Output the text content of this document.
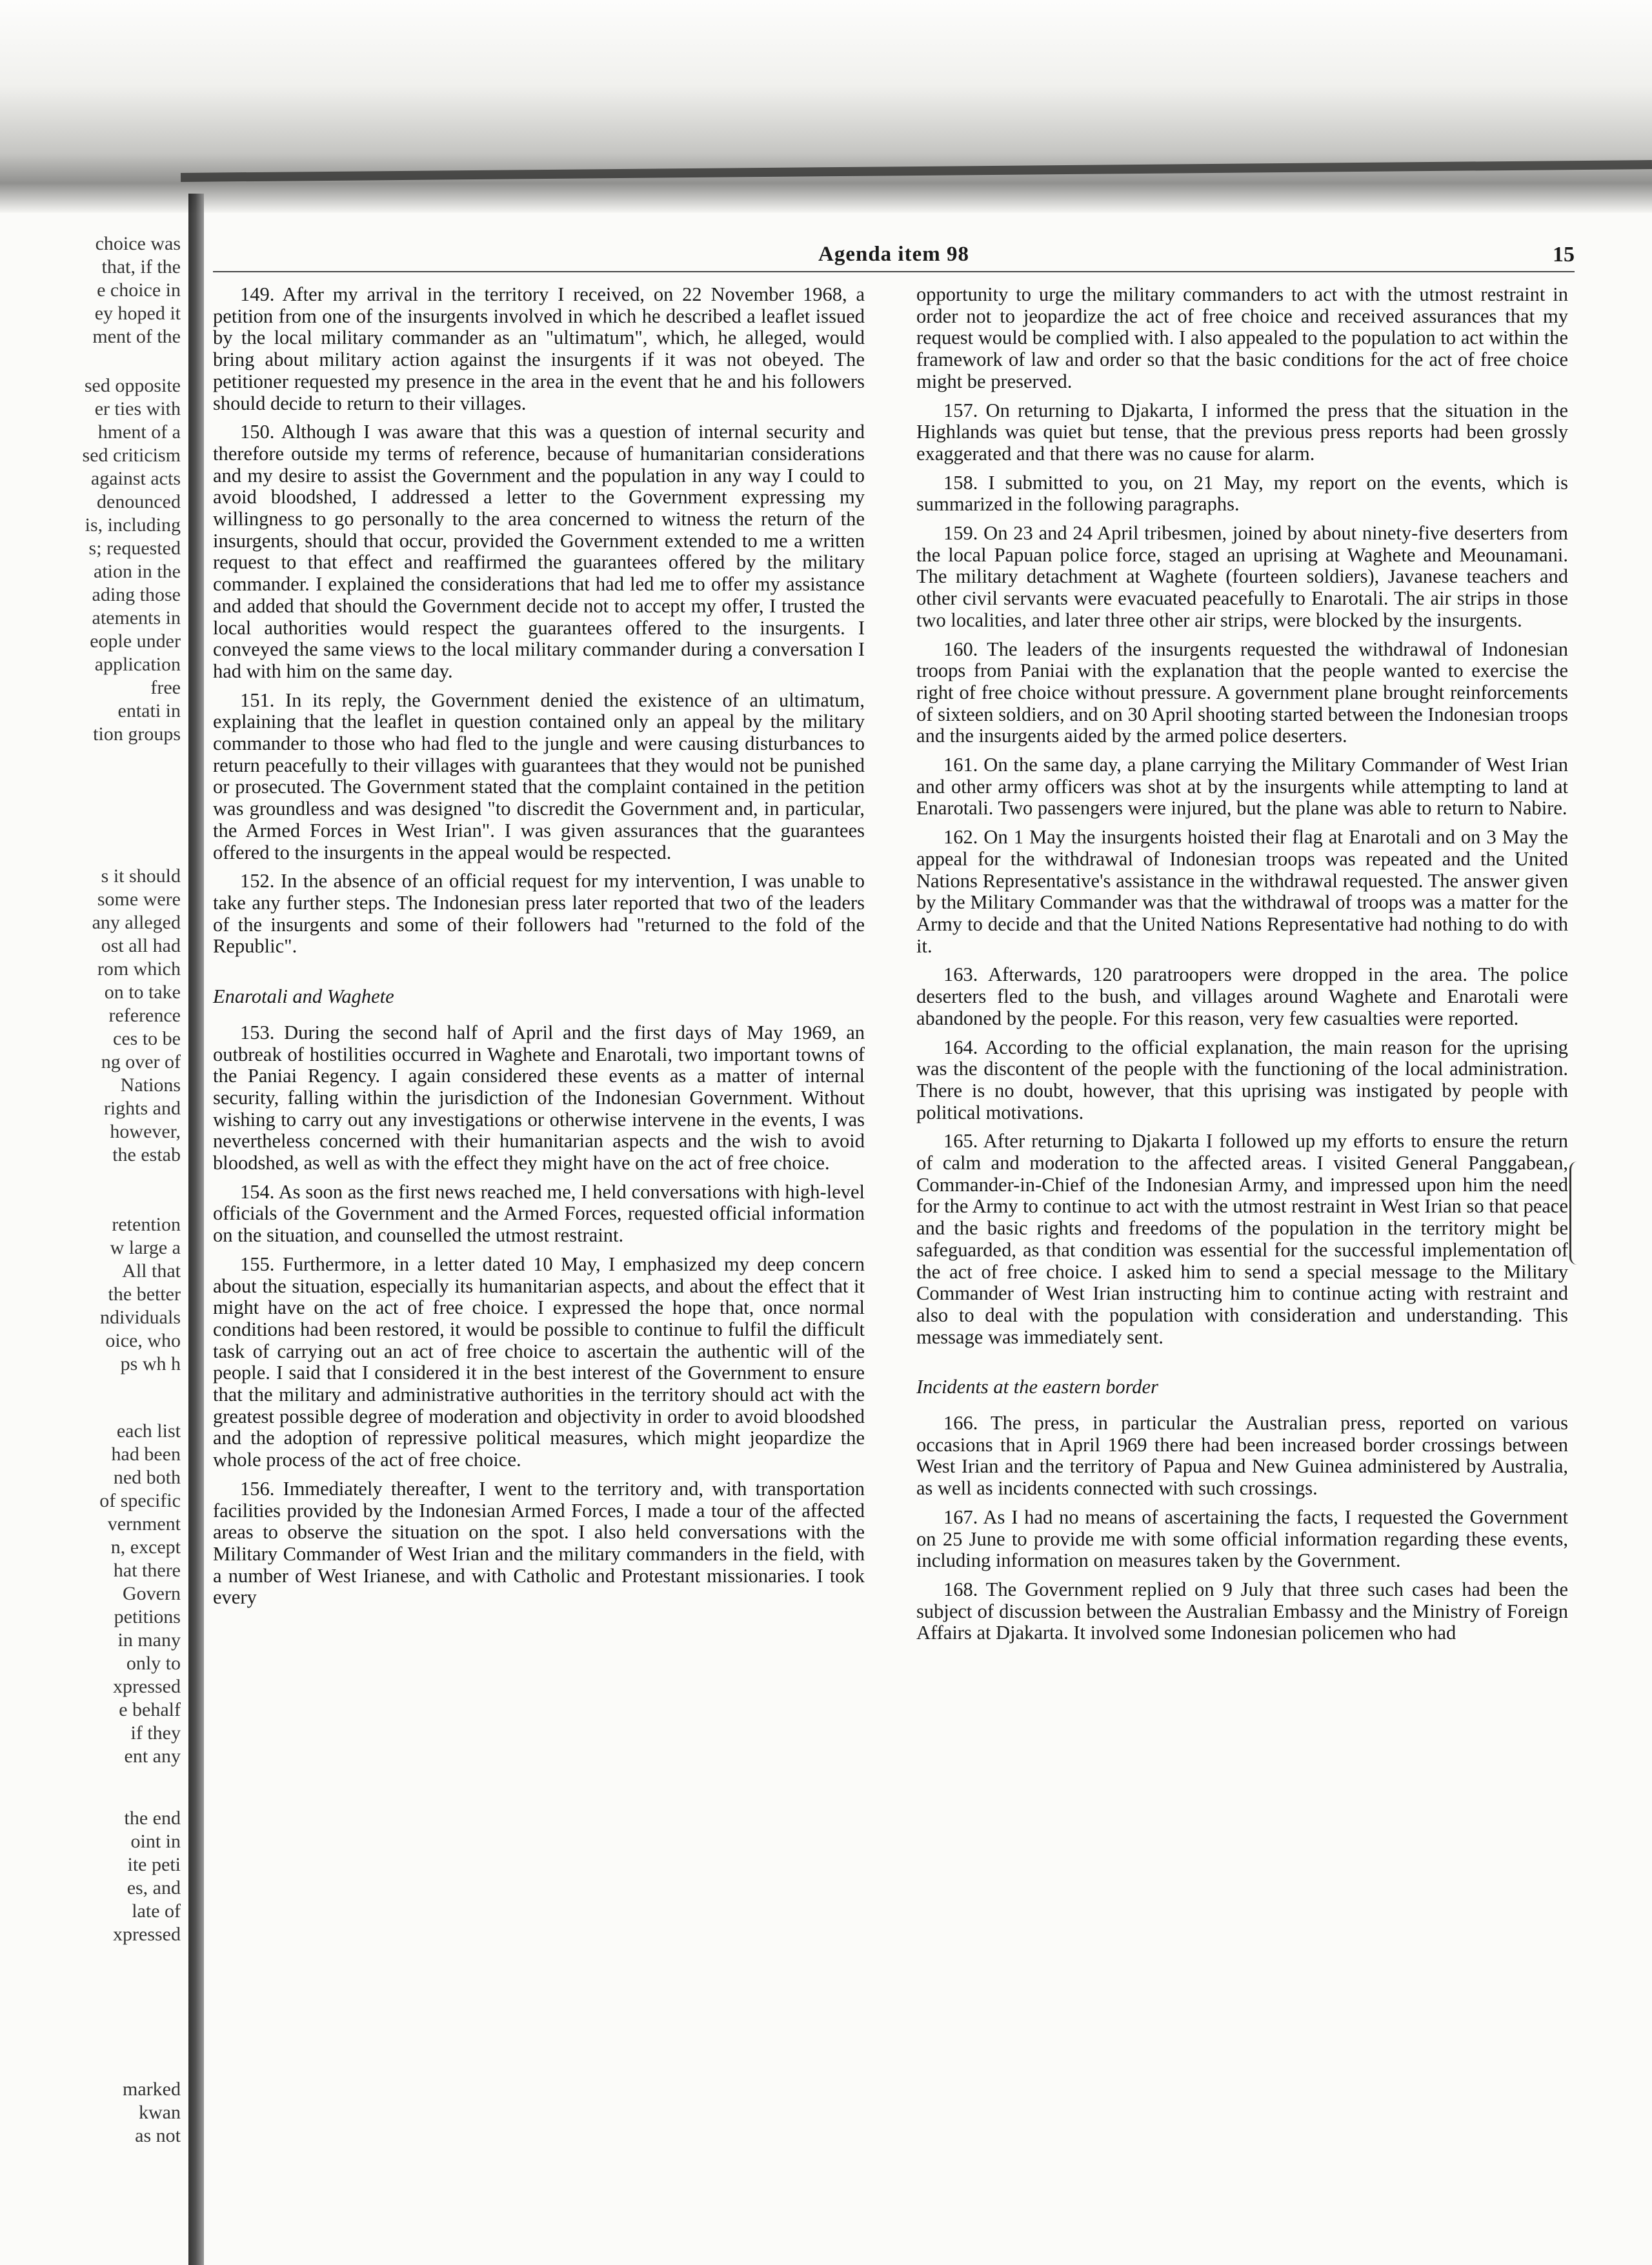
choice was
that, if the
e choice in
ey hoped it
ment of the
sed opposite
er ties with
hment of a
sed criticism
against acts
denounced
is, including
s; requested
ation in the
ading those
atements in
eople under
application
free
entati in
tion groups
s it should
some were
any alleged
ost all had
rom which
on to take
reference
ces to be
ng over of
Nations
rights and
however,
the estab
retention
w large a
All that
the better
ndividuals
oice, who
ps wh h
each list
had been
ned both
of specific
vernment
n, except
hat there
Govern
petitions
in many
only to
xpressed
e behalf
if they
ent any
the end
oint in
ite peti
es, and
late of
xpressed
marked
kwan
as not
Agenda item 98	15

149. After my arrival in the territory I received, on 22 November 1968, a petition from one of the insurgents involved in which he described a leaflet issued by the local military commander as an "ultimatum", which, he alleged, would bring about military action against the insurgents if it was not obeyed. The petitioner requested my presence in the area in the event that he and his followers should decide to return to their villages.

150. Although I was aware that this was a question of internal security and therefore outside my terms of reference, because of humanitarian considerations and my desire to assist the Government and the population in any way I could to avoid bloodshed, I addressed a letter to the Government expressing my willingness to go personally to the area concerned to witness the return of the insurgents, should that occur, provided the Government extended to me a written request to that effect and reaffirmed the guarantees offered by the military commander. I explained the considerations that had led me to offer my assistance and added that should the Government decide not to accept my offer, I trusted the local authorities would respect the guarantees offered to the insurgents. I conveyed the same views to the local military commander during a conversation I had with him on the same day.

151. In its reply, the Government denied the existence of an ultimatum, explaining that the leaflet in question contained only an appeal by the military commander to those who had fled to the jungle and were causing disturbances to return peacefully to their villages with guarantees that they would not be punished or prosecuted. The Government stated that the complaint contained in the petition was groundless and was designed "to discredit the Government and, in particular, the Armed Forces in West Irian". I was given assurances that the guarantees offered to the insurgents in the appeal would be respected.

152. In the absence of an official request for my intervention, I was unable to take any further steps. The Indonesian press later reported that two of the leaders of the insurgents and some of their followers had "returned to the fold of the Republic".

Enarotali and Waghete

153. During the second half of April and the first days of May 1969, an outbreak of hostilities occurred in Waghete and Enarotali, two important towns of the Paniai Regency. I again considered these events as a matter of internal security, falling within the jurisdiction of the Indonesian Government. Without wishing to carry out any investigations or otherwise intervene in the events, I was nevertheless concerned with their humanitarian aspects and the wish to avoid bloodshed, as well as with the effect they might have on the act of free choice.

154. As soon as the first news reached me, I held conversations with high-level officials of the Government and the Armed Forces, requested official information on the situation, and counselled the utmost restraint.

155. Furthermore, in a letter dated 10 May, I emphasized my deep concern about the situation, especially its humanitarian aspects, and about the effect that it might have on the act of free choice. I expressed the hope that, once normal conditions had been restored, it would be possible to continue to fulfil the difficult task of carrying out an act of free choice to ascertain the authentic will of the people. I said that I considered it in the best interest of the Government to ensure that the military and administrative authorities in the territory should act with the greatest possible degree of moderation and objectivity in order to avoid bloodshed and the adoption of repressive political measures, which might jeopardize the whole process of the act of free choice.

156. Immediately thereafter, I went to the territory and, with transportation facilities provided by the Indonesian Armed Forces, I made a tour of the affected areas to observe the situation on the spot. I also held conversations with the Military Commander of West Irian and the military commanders in the field, with a number of West Irianese, and with Catholic and Protestant missionaries. I took every

opportunity to urge the military commanders to act with the utmost restraint in order not to jeopardize the act of free choice and received assurances that my request would be complied with. I also appealed to the population to act within the framework of law and order so that the basic conditions for the act of free choice might be preserved.

157. On returning to Djakarta, I informed the press that the situation in the Highlands was quiet but tense, that the previous press reports had been grossly exaggerated and that there was no cause for alarm.

158. I submitted to you, on 21 May, my report on the events, which is summarized in the following paragraphs.

159. On 23 and 24 April tribesmen, joined by about ninety-five deserters from the local Papuan police force, staged an uprising at Waghete and Meounamani. The military detachment at Waghete (fourteen soldiers), Javanese teachers and other civil servants were evacuated peacefully to Enarotali. The air strips in those two localities, and later three other air strips, were blocked by the insurgents.

160. The leaders of the insurgents requested the withdrawal of Indonesian troops from Paniai with the explanation that the people wanted to exercise the right of free choice without pressure. A government plane brought reinforcements of sixteen soldiers, and on 30 April shooting started between the Indonesian troops and the insurgents aided by the armed police deserters.

161. On the same day, a plane carrying the Military Commander of West Irian and other army officers was shot at by the insurgents while attempting to land at Enarotali. Two passengers were injured, but the plane was able to return to Nabire.

162. On 1 May the insurgents hoisted their flag at Enarotali and on 3 May the appeal for the withdrawal of Indonesian troops was repeated and the United Nations Representative's assistance in the withdrawal requested. The answer given by the Military Commander was that the withdrawal of troops was a matter for the Army to decide and that the United Nations Representative had nothing to do with it.

163. Afterwards, 120 paratroopers were dropped in the area. The police deserters fled to the bush, and villages around Waghete and Enarotali were abandoned by the people. For this reason, very few casualties were reported.

164. According to the official explanation, the main reason for the uprising was the discontent of the people with the functioning of the local administration. There is no doubt, however, that this uprising was instigated by people with political motivations.

165. After returning to Djakarta I followed up my efforts to ensure the return of calm and moderation to the affected areas. I visited General Panggabean, Commander-in-Chief of the Indonesian Army, and impressed upon him the need for the Army to continue to act with the utmost restraint in West Irian so that peace and the basic rights and freedoms of the population in the territory might be safeguarded, as that condition was essential for the successful implementation of the act of free choice. I asked him to send a special message to the Military Commander of West Irian instructing him to continue acting with restraint and also to deal with the population with consideration and understanding. This message was immediately sent.

Incidents at the eastern border

166. The press, in particular the Australian press, reported on various occasions that in April 1969 there had been increased border crossings between West Irian and the territory of Papua and New Guinea administered by Australia, as well as incidents connected with such crossings.

167. As I had no means of ascertaining the facts, I requested the Government on 25 June to provide me with some official information regarding these events, including information on measures taken by the Government.

168. The Government replied on 9 July that three such cases had been the subject of discussion between the Australian Embassy and the Ministry of Foreign Affairs at Djakarta. It involved some Indonesian policemen who had
